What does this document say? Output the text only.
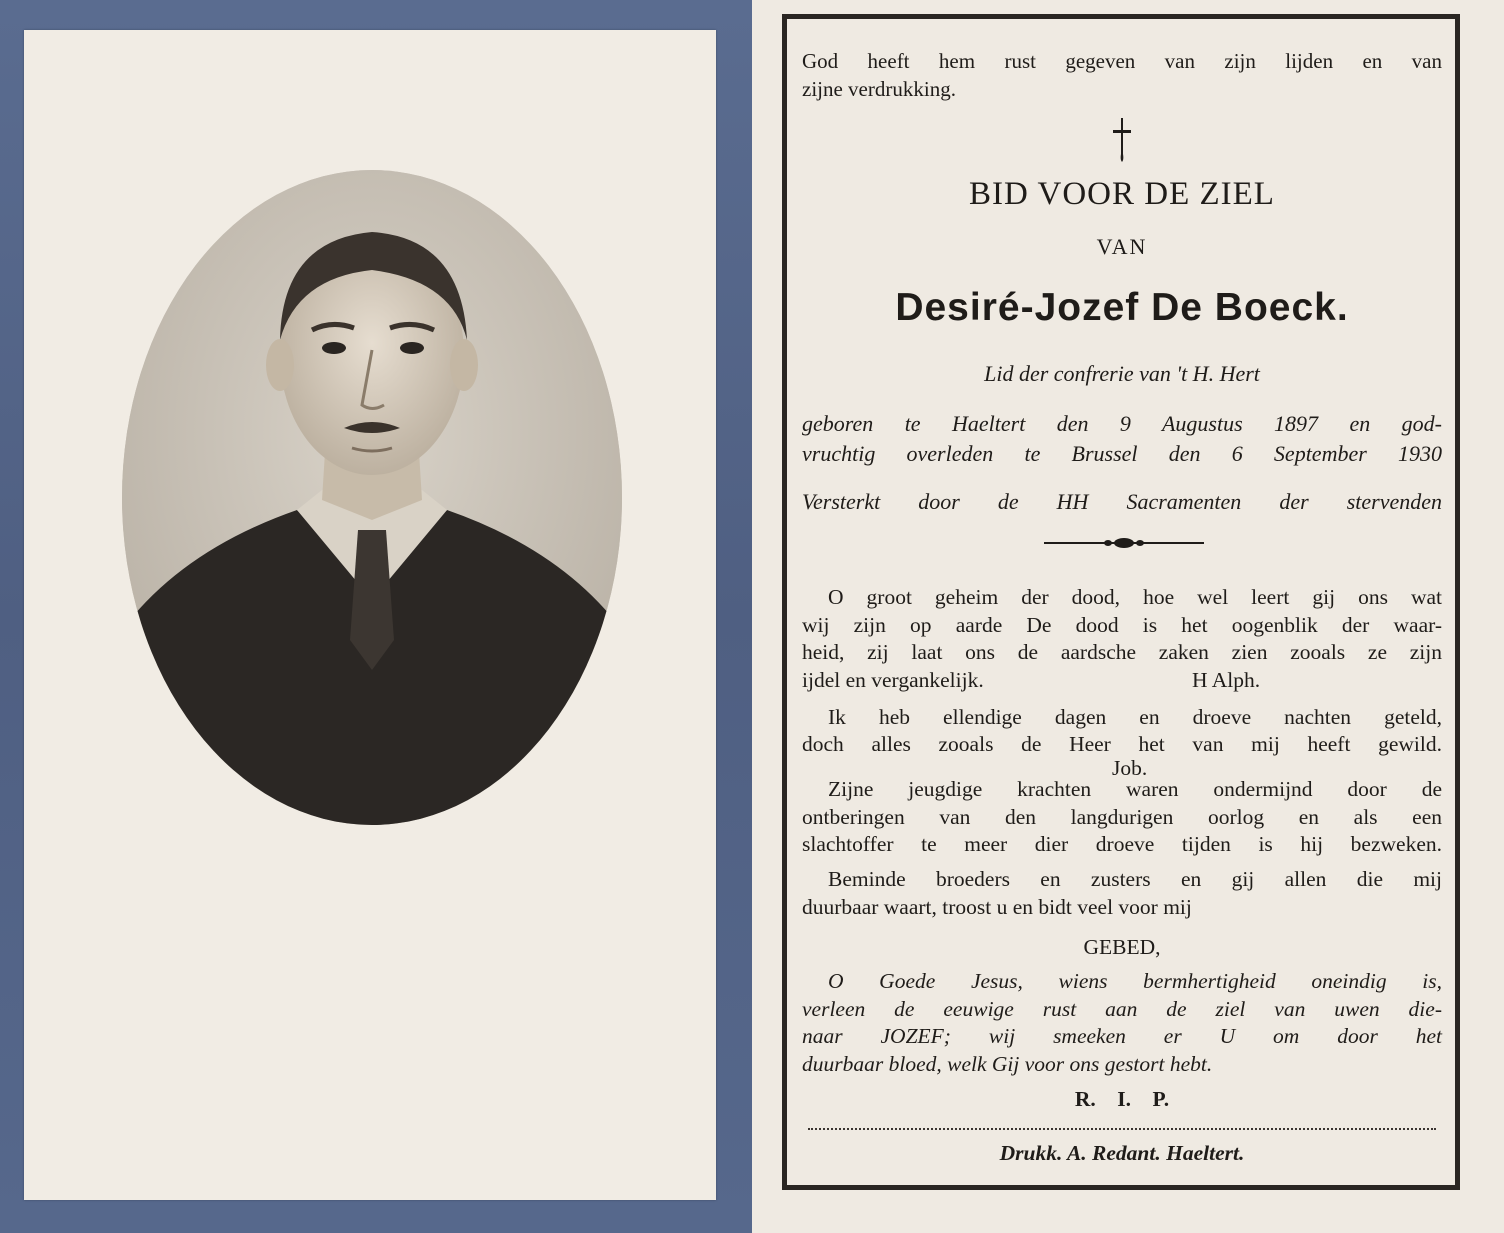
God heeft hem rust gegeven van zijn lijden en van
zijne verdrukking.
BID VOOR DE ZIEL
VAN
Desiré-Jozef De Boeck.
Lid der confrerie van 't H. Hert
geboren te Haeltert den 9 Augustus 1897 en god-
vruchtig overleden te Brussel den 6 September 1930
Versterkt door de HH Sacramenten der stervenden
O groot geheim der dood, hoe wel leert gij ons wat
wij zijn op aarde De dood is het oogenblik der waar-
heid, zij laat ons de aardsche zaken zien zooals ze zijn
ijdel en vergankelijk.	H Alph.
Ik heb ellendige dagen en droeve nachten geteld,
doch alles zooals de Heer het van mij heeft gewild.
Job.
Zijne jeugdige krachten waren ondermijnd door de
ontberingen van den langdurigen oorlog en als een
slachtoffer te meer dier droeve tijden is hij bezweken.
Beminde broeders en zusters en gij allen die mij
duurbaar waart, troost u en bidt veel voor mij
GEBED,
O Goede Jesus, wiens bermhertigheid oneindig is,
verleen de eeuwige rust aan de ziel van uwen die-
naar JOZEF; wij smeeken er U om door het
duurbaar bloed, welk Gij voor ons gestort hebt.
R.    I.    P.
Drukk. A. Redant. Haeltert.
